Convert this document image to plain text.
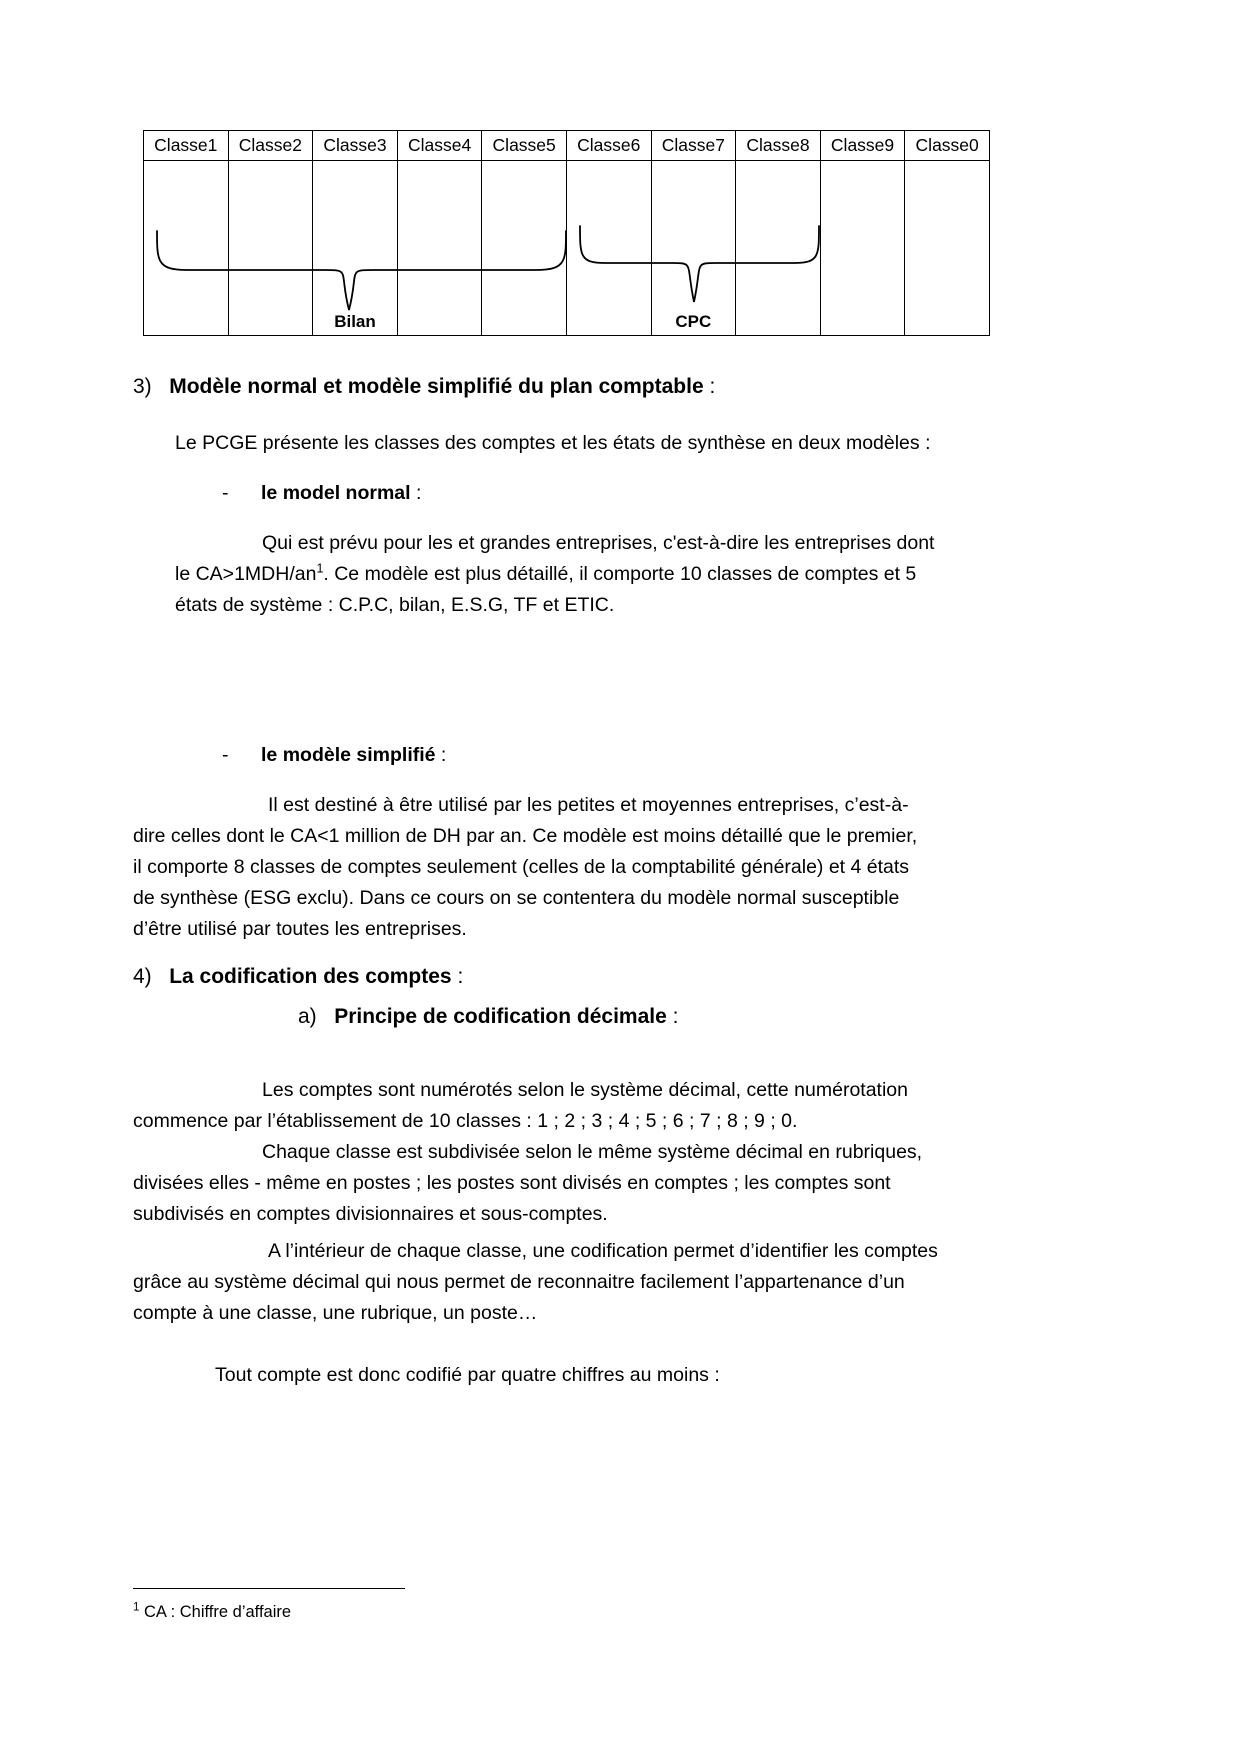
Classe1	Classe2	Classe3	Classe4	Classe5	Classe6	Classe7	Classe8	Classe9	Classe0

		Bilan				CPC			

3) Modèle normal et modèle simplifié du plan comptable :
Le PCGE présente les classes des comptes et les états de synthèse en deux modèles :
- le model normal :
Qui est prévu pour les et grandes entreprises, c'est-à-dire les entreprises dont
le $CA>1MDH/an^1$. Ce modèle est plus détaillé, il comporte 10 classes de comptes et 5
états de système : C.P.C, bilan, E.S.G, TF et ETIC.
- le modèle simplifié :
Il est destiné à être utilisé par les petites et moyennes entreprises, c’est-à-
dire celles dont le CA<1 million de DH par an. Ce modèle est moins détaillé que le premier,
il comporte 8 classes de comptes seulement (celles de la comptabilité générale) et 4 états
de synthèse (ESG exclu). Dans ce cours on se contentera du modèle normal susceptible
d’être utilisé par toutes les entreprises.
4) La codification des comptes :
a) Principe de codification décimale :
Les comptes sont numérotés selon le système décimal, cette numérotation
commence par l’établissement de 10 classes : 1 ; 2 ; 3 ; 4 ; 5 ; 6 ; 7 ; 8 ; 9 ; 0.
Chaque classe est subdivisée selon le même système décimal en rubriques,
divisées elles - même en postes ; les postes sont divisés en comptes ; les comptes sont
subdivisés en comptes divisionnaires et sous-comptes.
A l’intérieur de chaque classe, une codification permet d’identifier les comptes
grâce au système décimal qui nous permet de reconnaitre facilement l’appartenance d’un
compte à une classe, une rubrique, un poste…
Tout compte est donc codifié par quatre chiffres au moins :
$^1$ CA : Chiffre d’affaire
